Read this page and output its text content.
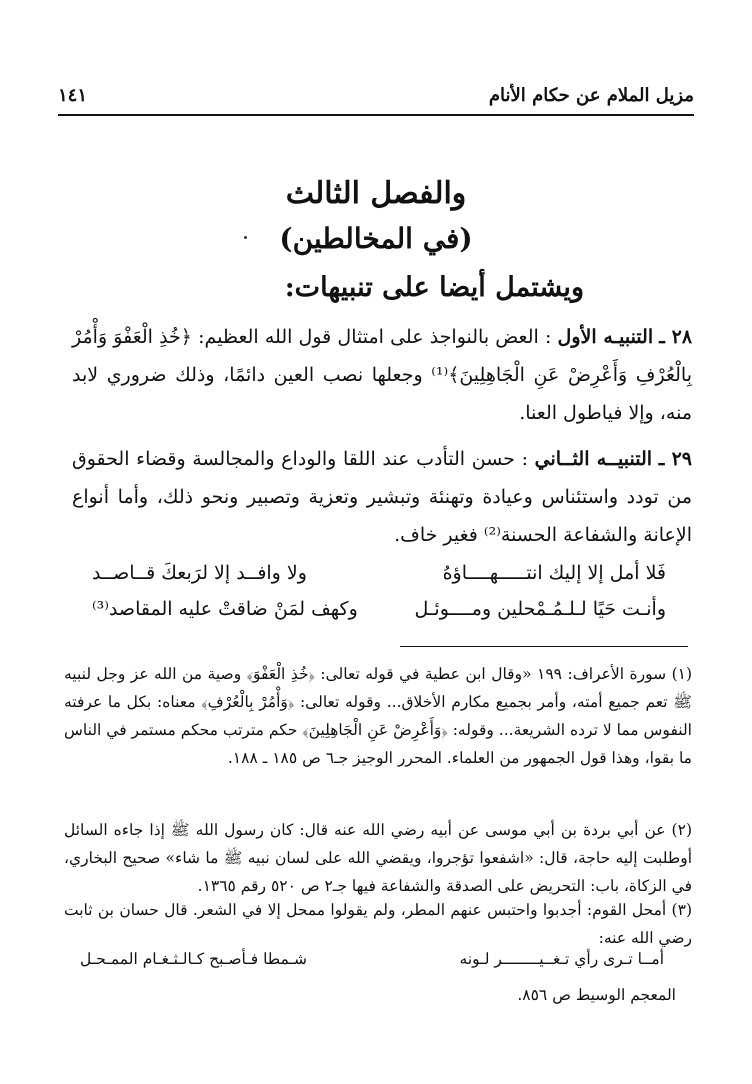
مزيل الملام عن حكام الأنام
١٤١
والفصل الثالث
(في المخالطين)
ويشتمل أيضا على تنبيهات:
٢٨ ـ التنبيـه الأول : العض بالنواجذ على امتثال قول الله العظيم: ﴿خُذِ الْعَفْوَ وَأْمُرْ بِالْعُرْفِ وَأَعْرِضْ عَنِ الْجَاهِلِينَ﴾⁽¹⁾ وجعلها نصب العين دائمًا، وذلك ضروري لابد منه، وإلا فياطول العنا.
٢٩ ـ التنبيــه الثــاني : حسن التأدب عند اللقا والوداع والمجالسة وقضاء الحقوق من تودد واستئناس وعيادة وتهنئة وتبشير وتعزية وتصبير ونحو ذلك، وأما أنواع الإعانة والشفاعة الحسنة⁽²⁾ فغير خاف.
فَلا أمل إلا إليك انتـــــهــــاؤهُ
ولا وافــد إلا لرَبعكَ قــاصــد
وأنـت حَيًا لـلـمُـمْحلين ومــــوئـل
وكهف لمَنْ ضاقتْ عليه المقاصد⁽³⁾
(١) سورة الأعراف: ١٩٩ «وقال ابن عطية في قوله تعالى: ﴿خُذِ الْعَفْوَ﴾ وصية من الله عز وجل لنبيه ﷺ تعم جميع أمته، وأمر بجميع مكارم الأخلاق... وقوله تعالى: ﴿وَأْمُرْ بِالْعُرْفِ﴾ معناه: بكل ما عرفته النفوس مما لا ترده الشريعة... وقوله: ﴿وَأَعْرِضْ عَنِ الْجَاهِلِينَ﴾ حكم مترتب محكم مستمر في الناس ما بقوا، وهذا قول الجمهور من العلماء. المحرر الوجيز جـ٦ ص ١٨٥ ـ ١٨٨.
(٢) عن أبي بردة بن أبي موسى عن أبيه رضي الله عنه قال: كان رسول الله ﷺ إذا جاءه السائل أوطلبت إليه حاجة، قال: «اشفعوا تؤجروا، ويقضي الله على لسان نبيه ﷺ ما شاء» صحيح البخاري، في الزكاة، باب: التحريض على الصدقة والشفاعة فيها جـ٢ ص ٥٢٠ رقم ١٣٦٥.
(٣) أمحل القوم: أجدبوا واحتبس عنهم المطر، ولم يقولوا ممحل إلا في الشعر. قال حسان بن ثابت رضي الله عنه:
أمــا تـرى رأي تـغــيــــــــر لـونه
شـمطا فـأصـبح كـالـثـغـام الممـحـل
المعجم الوسيط ص ٨٥٦.
